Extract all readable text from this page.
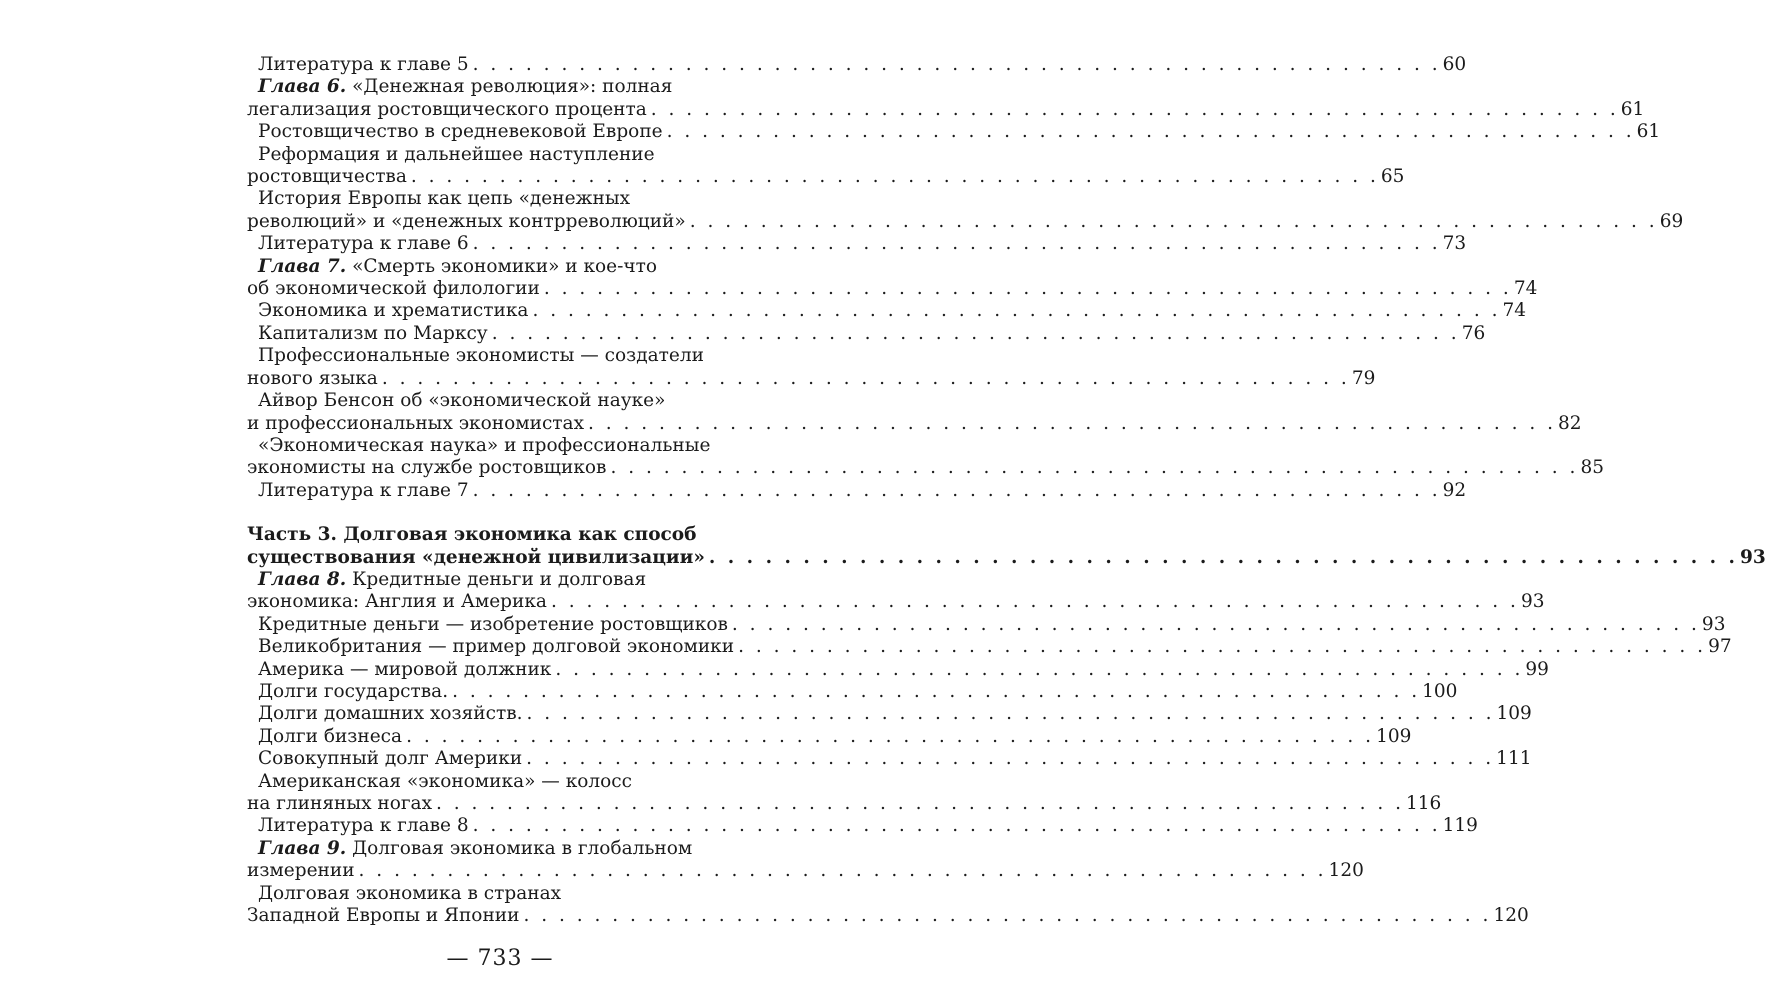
Литература к главе 5 . . . . . . . . . . . . . . . . . . . . . . . . . . . . . . . . . . . . . . . . . . . . . . . . . . . . . . . 60
Глава 6. «Денежная революция»: полная
легализация ростовщического процента . . . . . . . . . . . . . . . . . . . . . . . . . . . . . . . . . . . . . . . . . . . . . . . . . . . . . . . 61
Ростовщичество в средневековой Европе . . . . . . . . . . . . . . . . . . . . . . . . . . . . . . . . . . . . . . . . . . . . . . . . . . . . . . . 61
Реформация и дальнейшее наступление
ростовщичества . . . . . . . . . . . . . . . . . . . . . . . . . . . . . . . . . . . . . . . . . . . . . . . . . . . . . . . 65
История Европы как цепь «денежных
революций» и «денежных контрреволюций» . . . . . . . . . . . . . . . . . . . . . . . . . . . . . . . . . . . . . . . . . . . . . . . . . . . . . . . 69
Литература к главе 6 . . . . . . . . . . . . . . . . . . . . . . . . . . . . . . . . . . . . . . . . . . . . . . . . . . . . . . . 73
Глава 7. «Смерть экономики» и кое-что
об экономической филологии . . . . . . . . . . . . . . . . . . . . . . . . . . . . . . . . . . . . . . . . . . . . . . . . . . . . . . . 74
Экономика и хрематистика . . . . . . . . . . . . . . . . . . . . . . . . . . . . . . . . . . . . . . . . . . . . . . . . . . . . . . . 74
Капитализм по Марксу . . . . . . . . . . . . . . . . . . . . . . . . . . . . . . . . . . . . . . . . . . . . . . . . . . . . . . . 76
Профессиональные экономисты — создатели
нового языка . . . . . . . . . . . . . . . . . . . . . . . . . . . . . . . . . . . . . . . . . . . . . . . . . . . . . . . 79
Айвор Бенсон об «экономической науке»
и профессиональных экономистах . . . . . . . . . . . . . . . . . . . . . . . . . . . . . . . . . . . . . . . . . . . . . . . . . . . . . . . 82
«Экономическая наука» и профессиональные
экономисты на службе ростовщиков . . . . . . . . . . . . . . . . . . . . . . . . . . . . . . . . . . . . . . . . . . . . . . . . . . . . . . . 85
Литература к главе 7 . . . . . . . . . . . . . . . . . . . . . . . . . . . . . . . . . . . . . . . . . . . . . . . . . . . . . . . 92
Часть 3. Долговая экономика как способ
существования «денежной цивилизации» . . . . . . . . . . . . . . . . . . . . . . . . . . . . . . . . . . . . . . . . . . . . . . . . . . . . . . . 93
Глава 8. Кредитные деньги и долговая
экономика: Англия и Америка . . . . . . . . . . . . . . . . . . . . . . . . . . . . . . . . . . . . . . . . . . . . . . . . . . . . . . . 93
Кредитные деньги — изобретение ростовщиков . . . . . . . . . . . . . . . . . . . . . . . . . . . . . . . . . . . . . . . . . . . . . . . . . . . . . . . 93
Великобритания — пример долговой экономики . . . . . . . . . . . . . . . . . . . . . . . . . . . . . . . . . . . . . . . . . . . . . . . . . . . . . . . 97
Америка — мировой должник . . . . . . . . . . . . . . . . . . . . . . . . . . . . . . . . . . . . . . . . . . . . . . . . . . . . . . . 99
Долги государства. . . . . . . . . . . . . . . . . . . . . . . . . . . . . . . . . . . . . . . . . . . . . . . . . . . . . . . . 100
Долги домашних хозяйств. . . . . . . . . . . . . . . . . . . . . . . . . . . . . . . . . . . . . . . . . . . . . . . . . . . . . . . . 109
Долги бизнеса . . . . . . . . . . . . . . . . . . . . . . . . . . . . . . . . . . . . . . . . . . . . . . . . . . . . . . . 109
Совокупный долг Америки . . . . . . . . . . . . . . . . . . . . . . . . . . . . . . . . . . . . . . . . . . . . . . . . . . . . . . . 111
Американская «экономика» — колосс
на глиняных ногах . . . . . . . . . . . . . . . . . . . . . . . . . . . . . . . . . . . . . . . . . . . . . . . . . . . . . . . 116
Литература к главе 8 . . . . . . . . . . . . . . . . . . . . . . . . . . . . . . . . . . . . . . . . . . . . . . . . . . . . . . . 119
Глава 9. Долговая экономика в глобальном
измерении . . . . . . . . . . . . . . . . . . . . . . . . . . . . . . . . . . . . . . . . . . . . . . . . . . . . . . . 120
Долговая экономика в странах
Западной Европы и Японии . . . . . . . . . . . . . . . . . . . . . . . . . . . . . . . . . . . . . . . . . . . . . . . . . . . . . . . 120
— 733 —
